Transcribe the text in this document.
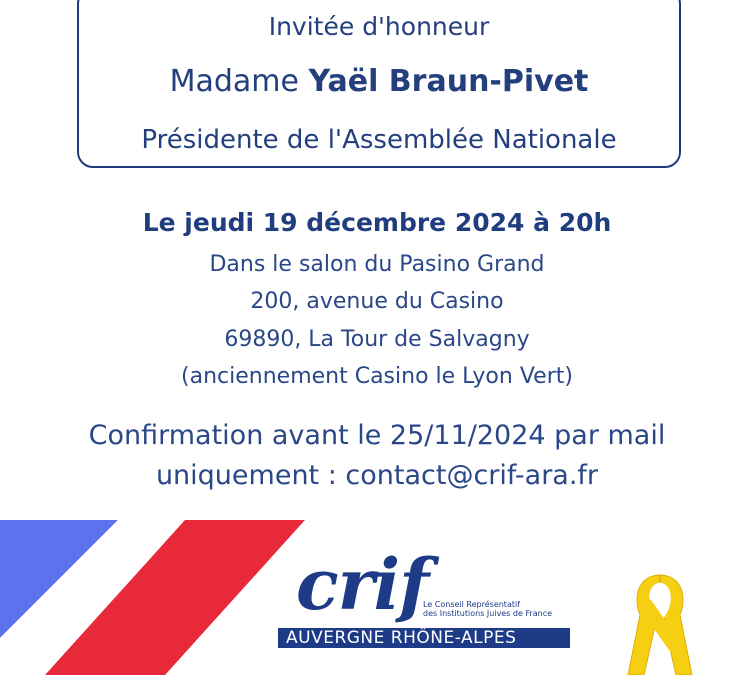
Invitée d'honneur
Madame Yaël Braun-Pivet
Présidente de l'Assemblée Nationale
Le jeudi 19 décembre 2024 à 20h
Dans le salon du Pasino Grand
200, avenue du Casino
69890, La Tour de Salvagny
(anciennement Casino le Lyon Vert)
Confirmation avant le 25/11/2024 par mail
uniquement : contact@crif-ara.fr
crif
Le Conseil Représentatif
des Institutions Juives de France
AUVERGNE RHÔNE-ALPES
